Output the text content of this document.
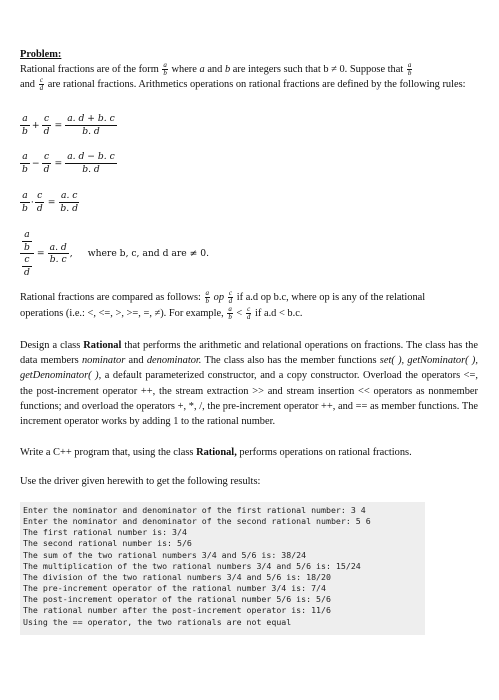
Problem:
Rational fractions are of the form $\frac{a}{b}$ where a and b are integers such that b ≠ 0. Suppose that $\frac{a}{b}$

and $\frac{c}{d}$ are rational fractions. Arithmetics operations on rational fractions are defined by the following rules:
$\frac{a}{b} + \frac{c}{d} = \frac{a. d + b. c}{b. d}$
$\frac{a}{b} - \frac{c}{d} = \frac{a. d - b. c}{b. d}$
$\frac{a}{b} \cdot \frac{c}{d} = \frac{a. c}{b. d}$
$\frac{\frac{a}{b}}{\frac{c}{d}} = \frac{a. d}{b. c}$ , where b, c, and d are ≠ 0.
Rational fractions are compared as follows: $\frac{a}{b}$ op $\frac{c}{d}$ if a.d op b.c, where op is any of the relational
operations (i.e.: <, <=, >, >=, =, ≠). For example, $\frac{a}{b} < \frac{c}{d}$ if a.d < b.c.
Design a class Rational that performs the arithmetic and relational operations on fractions. The class has the data members nominator and denominator. The class also has the member functions set( ), getNominator( ), getDenominator( ), a default parameterized constructor, and a copy constructor. Overload the operators <=, the post-increment operator ++, the stream extraction >> and stream insertion << operators as nonmember functions; and overload the operators +, *, /, the pre-increment operator ++, and == as member functions. The increment operator works by adding 1 to the rational number.
Write a C++ program that, using the class Rational, performs operations on rational fractions.
Use the driver given herewith to get the following results:
Enter the nominator and denominator of the first rational number: 3 4
Enter the nominator and denominator of the second rational number: 5 6
The first rational number is: 3/4
The second rational number is: 5/6
The sum of the two rational numbers 3/4 and 5/6 is: 38/24
The multiplication of the two rational numbers 3/4 and 5/6 is: 15/24
The division of the two rational numbers 3/4 and 5/6 is: 18/20
The pre-increment operator of the rational number 3/4 is: 7/4
The post-increment operator of the rational number 5/6 is: 5/6
The rational number after the post-increment operator is: 11/6
Using the == operator, the two rationals are not equal
